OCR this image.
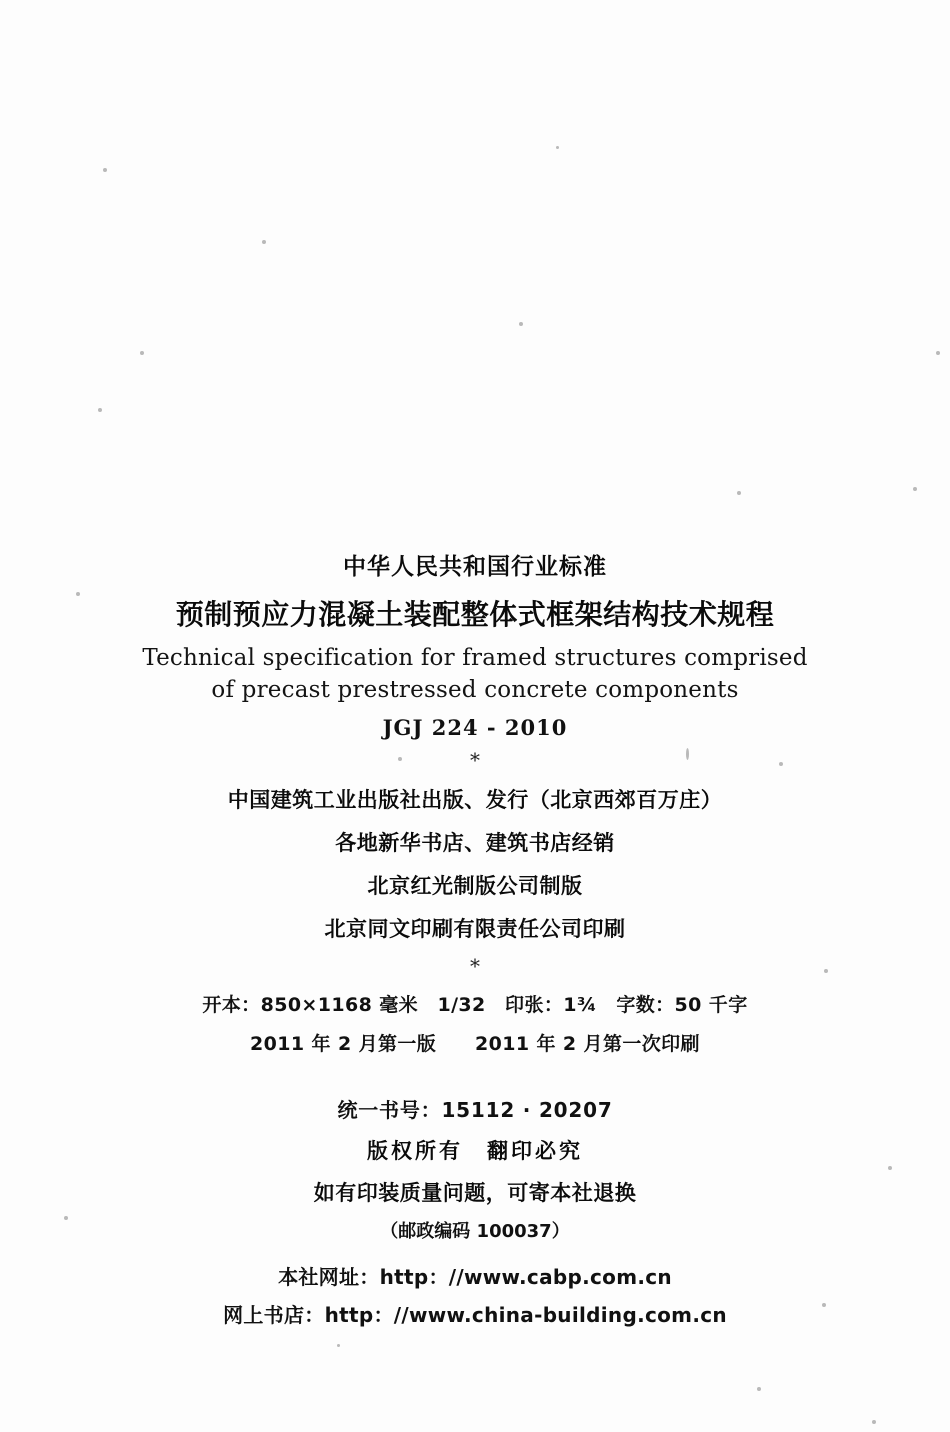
中华人民共和国行业标准
预制预应力混凝土装配整体式框架结构技术规程
Technical specification for framed structures comprised
of precast prestressed concrete components
JGJ 224 - 2010
*
中国建筑工业出版社出版、发行（北京西郊百万庄）
各地新华书店、建筑书店经销
北京红光制版公司制版
北京同文印刷有限责任公司印刷
*
开本：850×1168 毫米　1/32　印张：1¾　字数：50 千字
2011 年 2 月第一版　　2011 年 2 月第一次印刷
统一书号：15112 · 20207
版权所有　翻印必究
如有印装质量问题，可寄本社退换
（邮政编码 100037）
本社网址：http：//www.cabp.com.cn
网上书店：http：//www.china-building.com.cn
